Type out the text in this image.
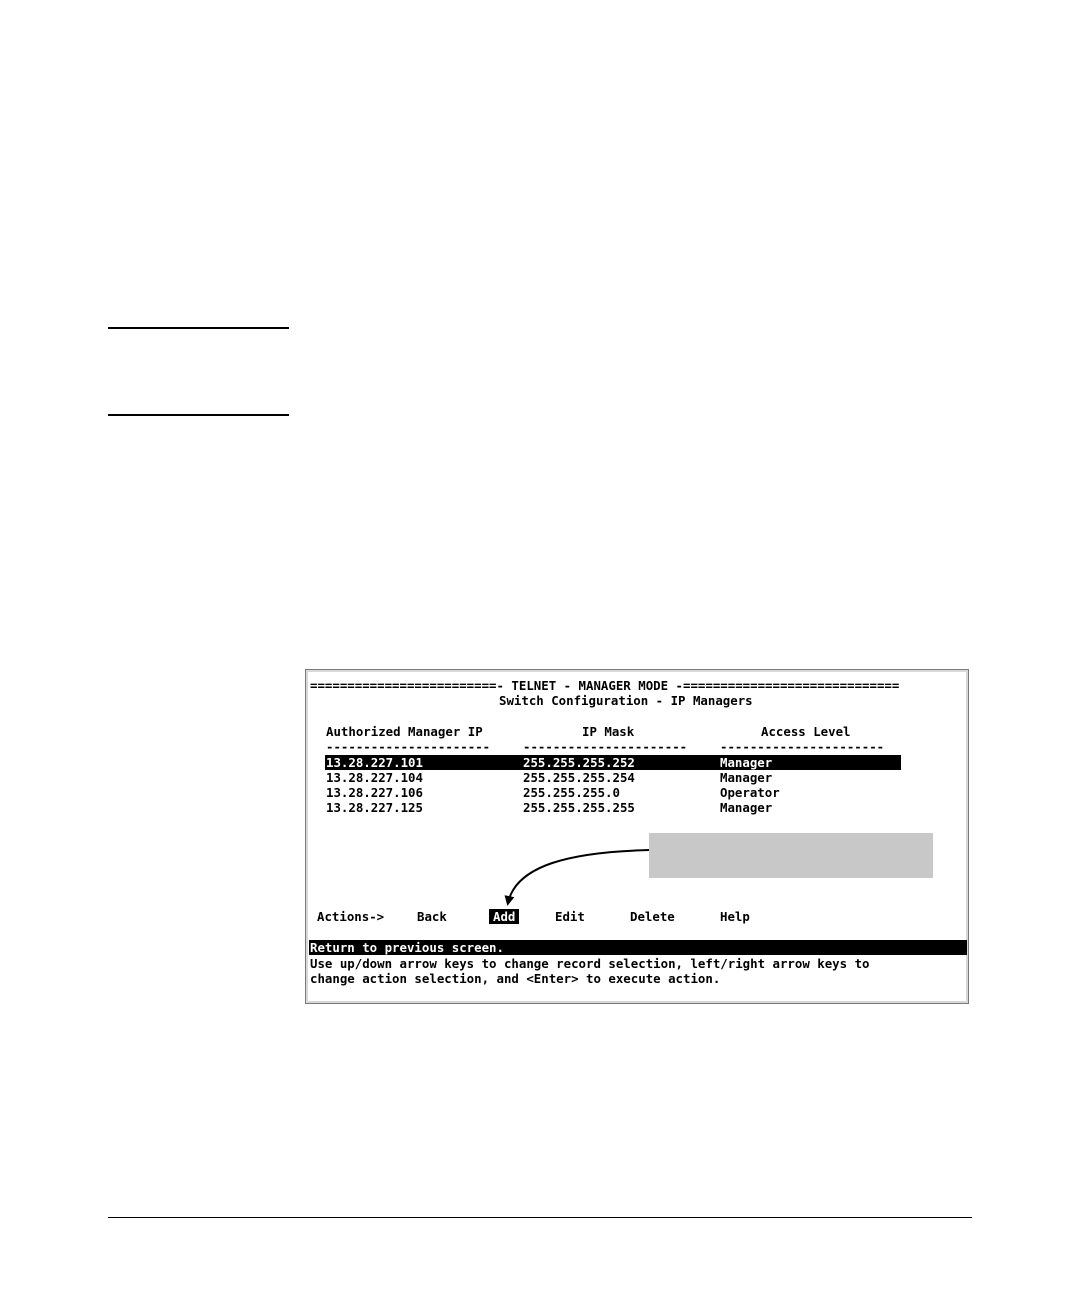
=========================- TELNET - MANAGER MODE -=============================
Switch Configuration - IP Managers
Authorized Manager IP	IP Mask	Access Level
----------------------	----------------------	----------------------
13.28.227.101	255.255.255.252	Manager
13.28.227.104	255.255.255.254	Manager
13.28.227.106	255.255.255.0	Operator
13.28.227.125	255.255.255.255	Manager
Actions->	Back	Add	Edit	Delete	Help
Return to previous screen.
Use up/down arrow keys to change record selection, left/right arrow keys to
change action selection, and <Enter> to execute action.
